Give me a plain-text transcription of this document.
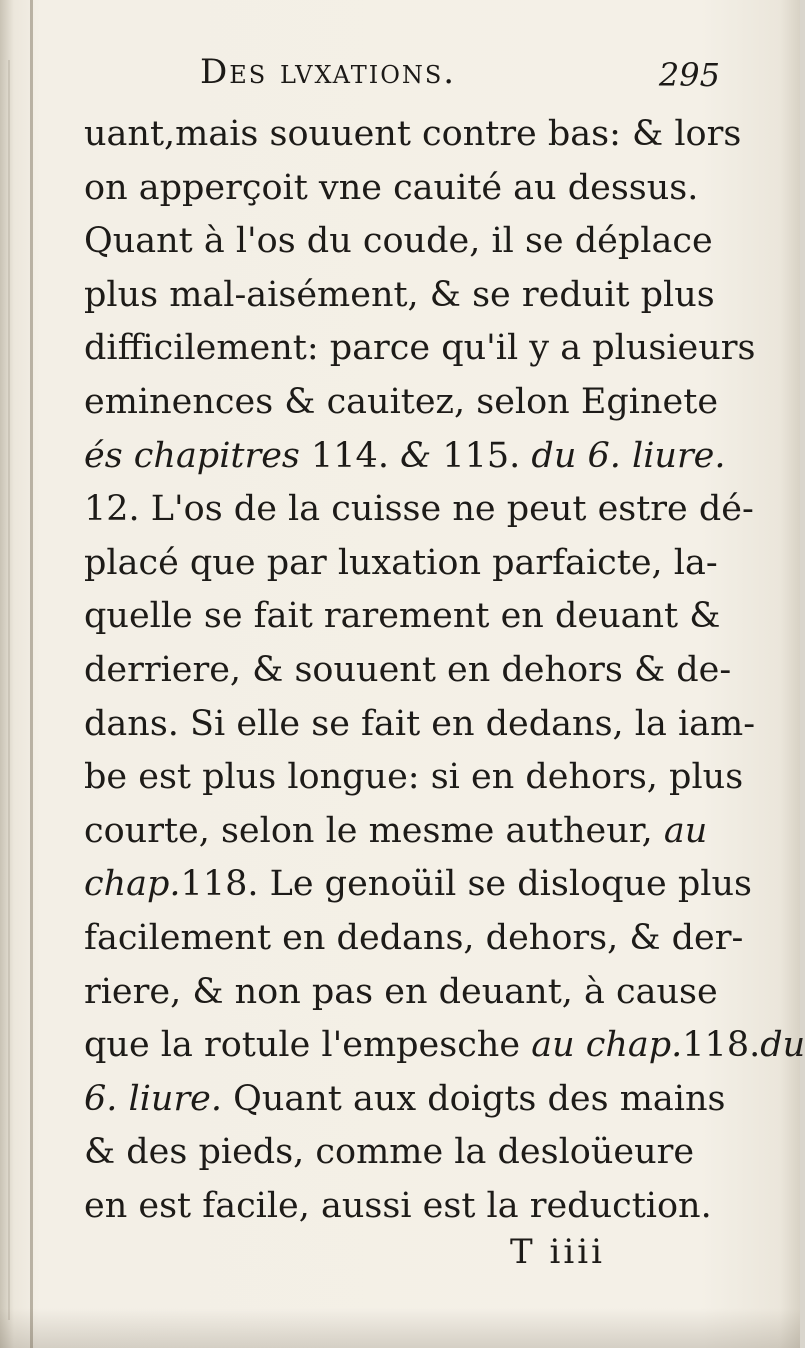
Des lvxations.	295
uant,mais souuent contre bas: & lors
on apperçoit vne cauité au dessus.
Quant à l'os du coude, il se déplace
plus mal-aisément, & se reduit plus
difficilement: parce qu'il y a plusieurs
eminences & cauitez, selon Eginete
és chapitres 114. & 115. du 6. liure.
12. L'os de la cuisse ne peut estre dé-
placé que par luxation parfaicte, la-
quelle se fait rarement en deuant &
derriere, & souuent en dehors & de-
dans. Si elle se fait en dedans, la iam-
be est plus longue: si en dehors, plus
courte, selon le mesme autheur, au
chap.118. Le genoüil se disloque plus
facilement en dedans, dehors, & der-
riere, & non pas en deuant, à cause
que la rotule l'empesche au chap.118.du
6. liure. Quant aux doigts des mains
& des pieds, comme la desloüeure
en est facile, aussi est la reduction.
T iiii
